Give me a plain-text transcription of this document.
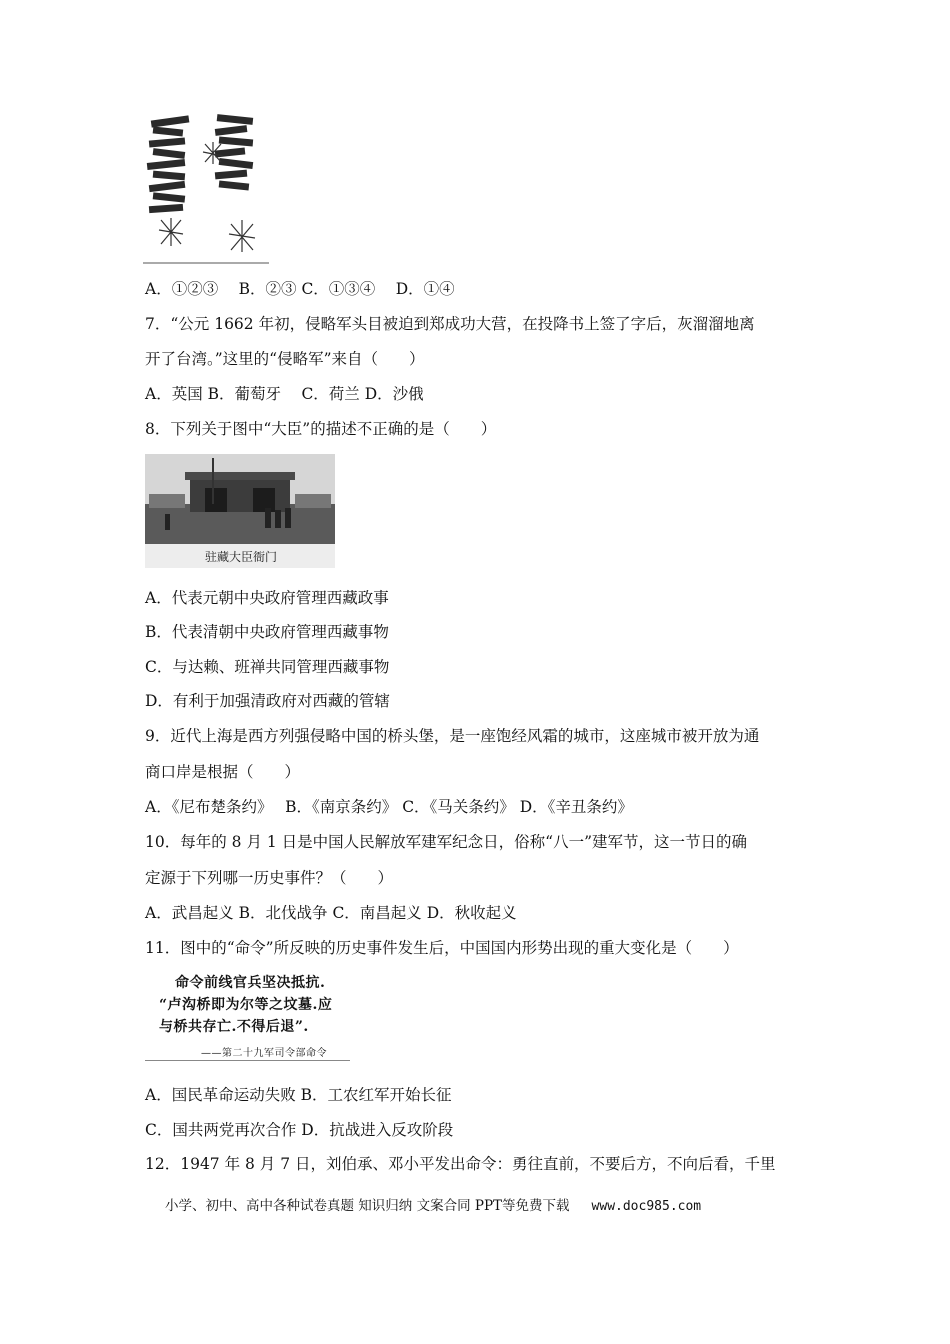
A．①②③　 B．②③ C．①③④　 D．①④
7．“公元 1662 年初，侵略军头目被迫到郑成功大营，在投降书上签了字后，灰溜溜地离
开了台湾。”这里的“侵略军”来自（　　）
A．英国 B．葡萄牙　 C．荷兰 D．沙俄
8．下列关于图中“大臣”的描述不正确的是（　　）
驻藏大臣衙门
A．代表元朝中央政府管理西藏政事
B．代表清朝中央政府管理西藏事物
C．与达赖、班禅共同管理西藏事物
D．有利于加强清政府对西藏的管辖
9．近代上海是西方列强侵略中国的桥头堡，是一座饱经风霜的城市，这座城市被开放为通
商口岸是根据（　　）
A．《尼布楚条约》　 B．《南京条约》 C．《马关条约》 D．《辛丑条约》
10．每年的 8 月 1 日是中国人民解放军建军纪念日，俗称“八一”建军节，这一节日的确
定源于下列哪一历史事件？（　　）
A．武昌起义 B．北伐战争 C．南昌起义 D．秋收起义
11．图中的“命令”所反映的历史事件发生后，中国国内形势出现的重大变化是（　　）
命令前线官兵坚决抵抗.
“卢沟桥即为尔等之坟墓.应
与桥共存亡.不得后退”.
——第二十九军司令部命令
A．国民革命运动失败 B．工农红军开始长征
C．国共两党再次合作 D．抗战进入反攻阶段
12．1947 年 8 月 7 日，刘伯承、邓小平发出命令：勇往直前，不要后方，不向后看，千里
小学、初中、高中各种试卷真题 知识归纳 文案合同 PPT等免费下载 www.doc985.com
